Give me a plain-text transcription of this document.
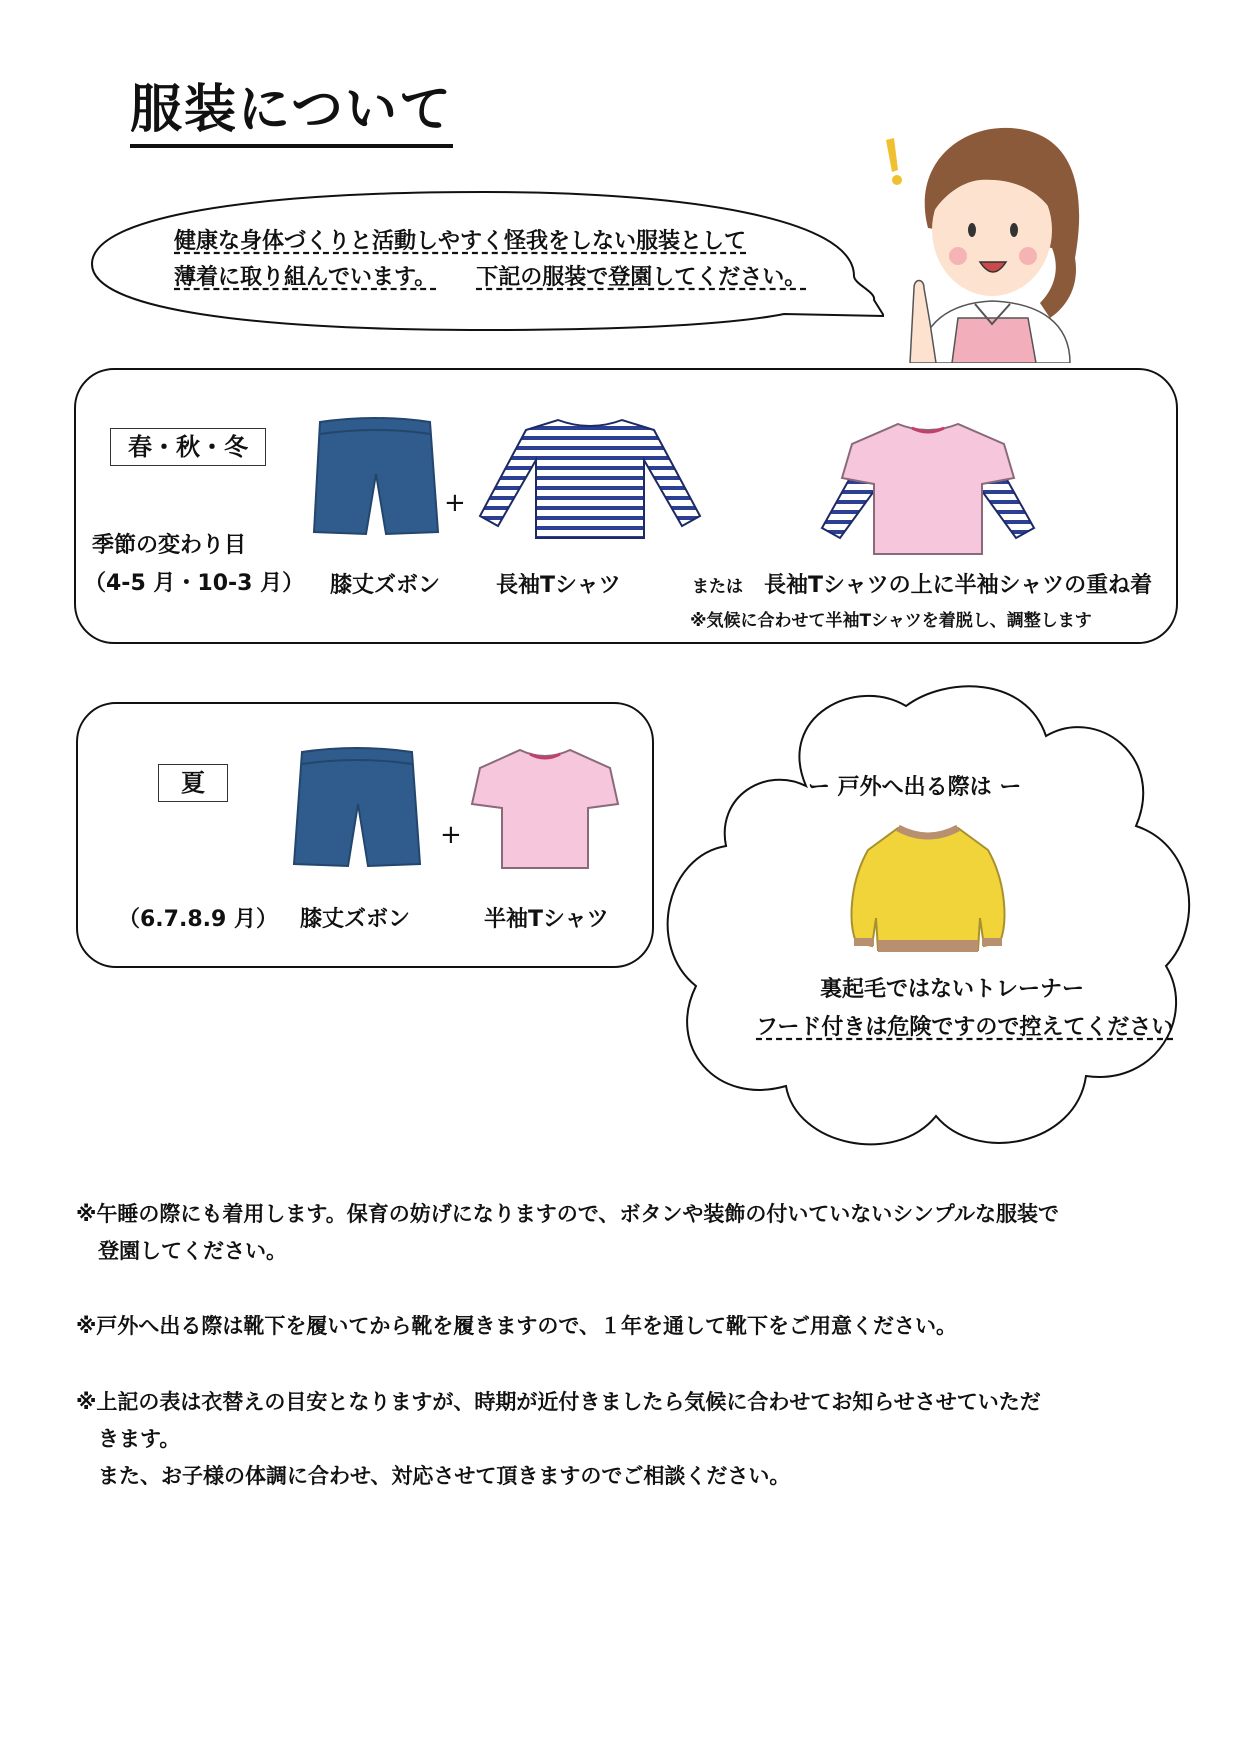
服装について
健康な身体づくりと活動しやすく怪我をしない服装として
薄着に取り組んでいます。 下記の服装で登園してください。
春・秋・冬
季節の変わり目
（4-5 月・10-3 月）
+
膝丈ズボン	長袖Tシャツ	または 長袖Tシャツの上に半袖シャツの重ね着
※気候に合わせて半袖Tシャツを着脱し、調整します
夏
（6.7.8.9 月）
+
膝丈ズボン	半袖Tシャツ
ー 戸外へ出る際は ー
裏起毛ではないトレーナー
フード付きは危険ですので控えてください
※午睡の際にも着用します。保育の妨げになりますので、ボタンや装飾の付いていないシンプルな服装で
登園してください。
※戸外へ出る際は靴下を履いてから靴を履きますので、１年を通して靴下をご用意ください。
※上記の表は衣替えの目安となりますが、時期が近付きましたら気候に合わせてお知らせさせていただ
きます。
また、お子様の体調に合わせ、対応させて頂きますのでご相談ください。
